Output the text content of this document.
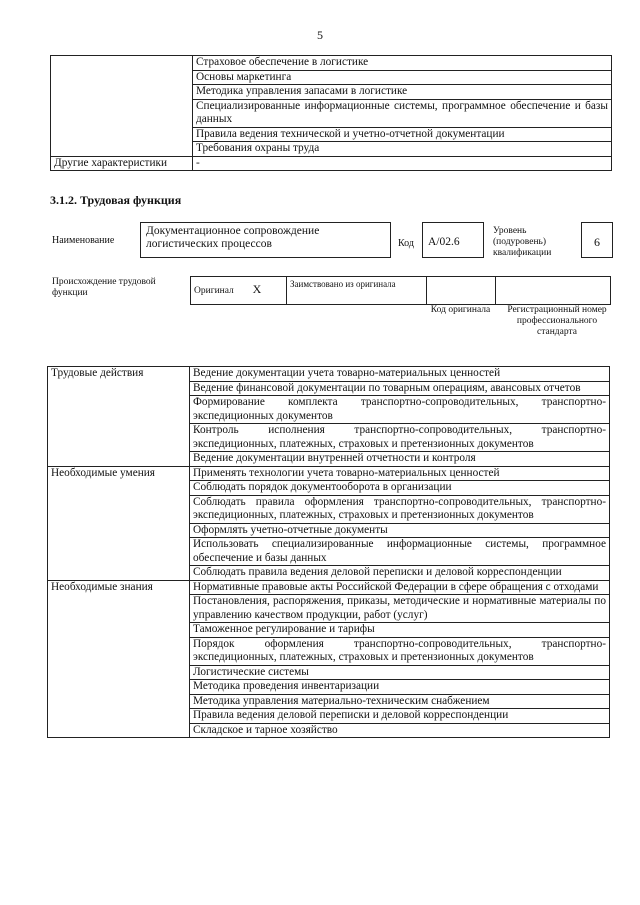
5
	Страховое обеспечение в логистике
	Основы маркетинга
	Методика управления запасами в логистике
	Специализированные информационные системы, программное обеспечение и базы данных
	Правила ведения технической и учетно-отчетной документации
	Требования охраны труда
Другие характеристики	-
3.1.2. Трудовая функция
Наименование
Документационное сопровождение логистических процессов	Код	А/02.6
Уровень (подуровень) квалификации
6
Происхождение трудовой функции	Оригинал X	Заимствовано из оригинала		
Код оригинала	Регистрационный номер профессионального стандарта
Трудовые действия	Ведение документации учета товарно-материальных ценностей
	Ведение финансовой документации по товарным операциям, авансовых отчетов
	Формирование комплекта транспортно-сопроводительных, транспортно-экспедиционных документов
	Контроль исполнения транспортно-сопроводительных, транспортно-экспедиционных, платежных, страховых и претензионных документов
	Ведение документации внутренней отчетности и контроля
Необходимые умения	Применять технологии учета товарно-материальных ценностей
	Соблюдать порядок документооборота в организации
	Соблюдать правила оформления транспортно-сопроводительных, транспортно-экспедиционных, платежных, страховых и претензионных документов
	Оформлять учетно-отчетные документы
	Использовать специализированные информационные системы, программное обеспечение и базы данных
	Соблюдать правила ведения деловой переписки и деловой корреспонденции
Необходимые знания	Нормативные правовые акты Российской Федерации в сфере обращения с отходами
	Постановления, распоряжения, приказы, методические и нормативные материалы по управлению качеством продукции, работ (услуг)
	Таможенное регулирование и тарифы
	Порядок оформления транспортно-сопроводительных, транспортно-экспедиционных, платежных, страховых и претензионных документов
	Логистические системы
	Методика проведения инвентаризации
	Методика управления материально-техническим снабжением
	Правила ведения деловой переписки и деловой корреспонденции
	Складское и тарное хозяйство
